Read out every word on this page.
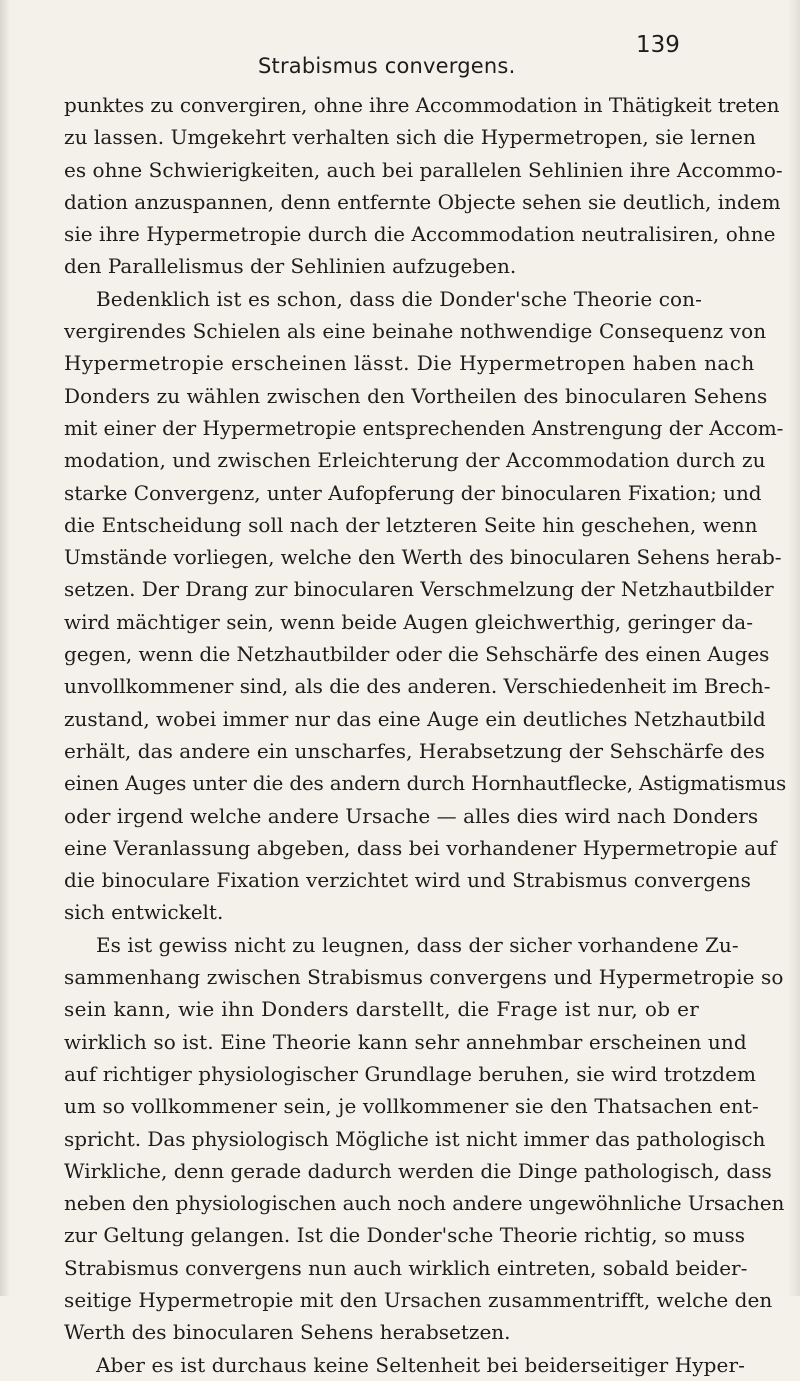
Strabismus convergens.
139
punktes zu convergiren, ohne ihre Accommodation in Thätigkeit treten
zu lassen. Umgekehrt verhalten sich die Hypermetropen, sie lernen
es ohne Schwierigkeiten, auch bei parallelen Sehlinien ihre Accommo-
dation anzuspannen, denn entfernte Objecte sehen sie deutlich, indem
sie ihre Hypermetropie durch die Accommodation neutralisiren, ohne
den Parallelismus der Sehlinien aufzugeben.
Bedenklich ist es schon, dass die Donder'sche Theorie con-
vergirendes Schielen als eine beinahe nothwendige Consequenz von
Hypermetropie erscheinen lässt. Die Hypermetropen haben nach
Donders zu wählen zwischen den Vortheilen des binocularen Sehens
mit einer der Hypermetropie entsprechenden Anstrengung der Accom-
modation, und zwischen Erleichterung der Accommodation durch zu
starke Convergenz, unter Aufopferung der binocularen Fixation; und
die Entscheidung soll nach der letzteren Seite hin geschehen, wenn
Umstände vorliegen, welche den Werth des binocularen Sehens herab-
setzen. Der Drang zur binocularen Verschmelzung der Netzhautbilder
wird mächtiger sein, wenn beide Augen gleichwerthig, geringer da-
gegen, wenn die Netzhautbilder oder die Sehschärfe des einen Auges
unvollkommener sind, als die des anderen. Verschiedenheit im Brech-
zustand, wobei immer nur das eine Auge ein deutliches Netzhautbild
erhält, das andere ein unscharfes, Herabsetzung der Sehschärfe des
einen Auges unter die des andern durch Hornhautflecke, Astigmatismus
oder irgend welche andere Ursache — alles dies wird nach Donders
eine Veranlassung abgeben, dass bei vorhandener Hypermetropie auf
die binoculare Fixation verzichtet wird und Strabismus convergens
sich entwickelt.
Es ist gewiss nicht zu leugnen, dass der sicher vorhandene Zu-
sammenhang zwischen Strabismus convergens und Hypermetropie so
sein kann, wie ihn Donders darstellt, die Frage ist nur, ob er
wirklich so ist. Eine Theorie kann sehr annehmbar erscheinen und
auf richtiger physiologischer Grundlage beruhen, sie wird trotzdem
um so vollkommener sein, je vollkommener sie den Thatsachen ent-
spricht. Das physiologisch Mögliche ist nicht immer das pathologisch
Wirkliche, denn gerade dadurch werden die Dinge pathologisch, dass
neben den physiologischen auch noch andere ungewöhnliche Ursachen
zur Geltung gelangen. Ist die Donder'sche Theorie richtig, so muss
Strabismus convergens nun auch wirklich eintreten, sobald beider-
seitige Hypermetropie mit den Ursachen zusammentrifft, welche den
Werth des binocularen Sehens herabsetzen.
Aber es ist durchaus keine Seltenheit bei beiderseitiger Hyper-
